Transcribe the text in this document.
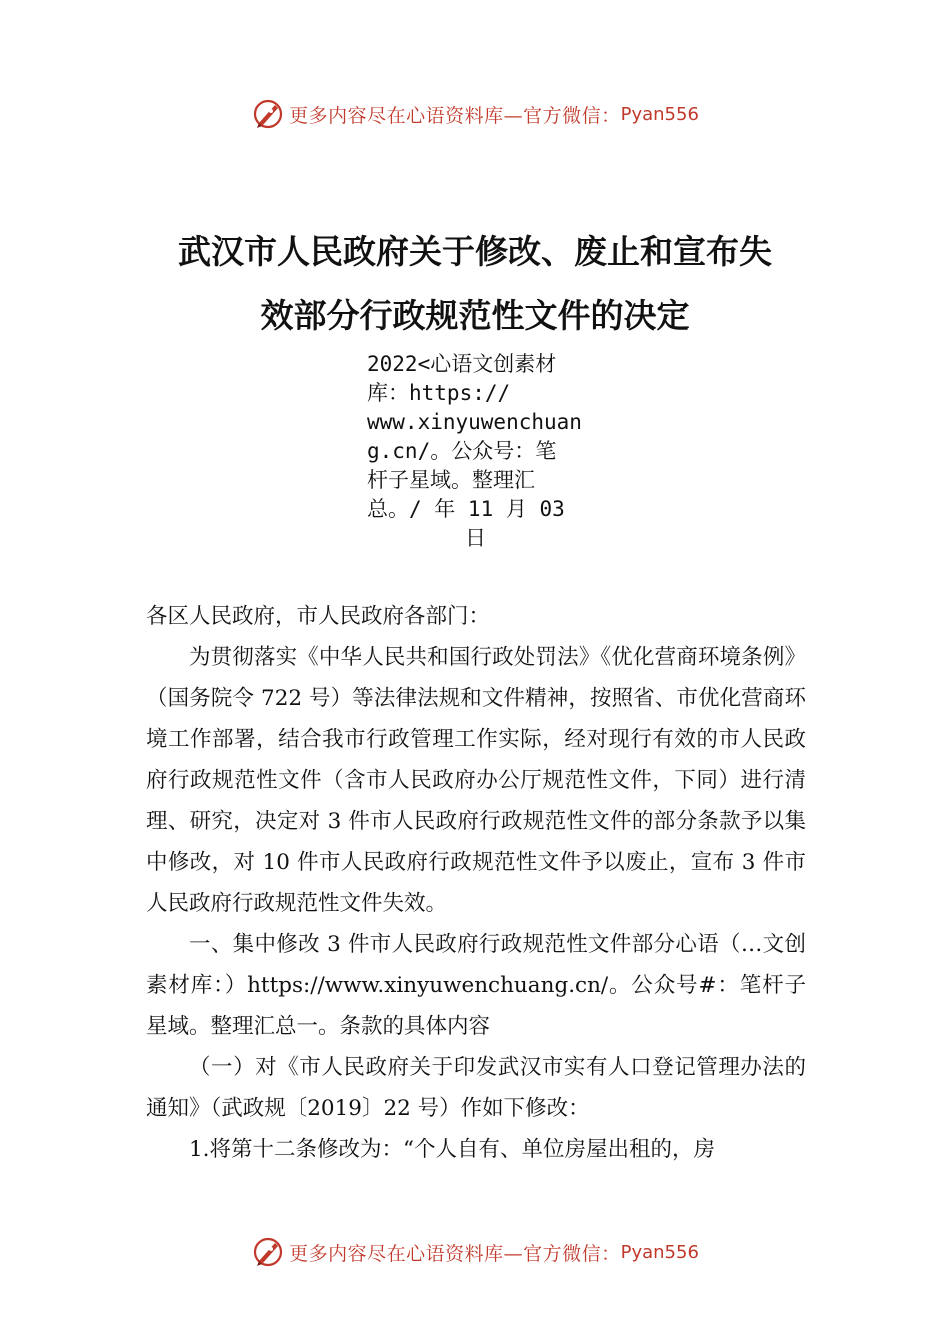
更多内容尽在心语资料库—官方微信： Pyan556
武汉市人民政府关于修改、废止和宣布失
效部分行政规范性文件的决定
2022<心语文创素材
库：https://
www.xinyuwenchuan
g.cn/。公众号：笔
杆子星域。整理汇
总。/ 年 11 月 03
日

各区人民政府，市人民政府各部门：

为贯彻落实《中华人民共和国行政处罚法》《优化营商环境条例》（国务院令 722 号）等法律法规和文件精神，按照省、市优化营商环境工作部署，结合我市行政管理工作实际，经对现行有效的市人民政府行政规范性文件（含市人民政府办公厅规范性文件，下同）进行清理、研究，决定对 3 件市人民政府行政规范性文件的部分条款予以集中修改，对 10 件市人民政府行政规范性文件予以废止，宣布 3 件市人民政府行政规范性文件失效。

一、集中修改 3 件市人民政府行政规范性文件部分心语（…文创素材库：）https://www.xinyuwenchuang.cn/。公众号#：笔杆子星域。整理汇总一。条款的具体内容

（一）对《市人民政府关于印发武汉市实有人口登记管理办法的通知》（武政规〔2019〕22 号）作如下修改：

1.将第十二条修改为：“个人自有、单位房屋出租的，房

更多内容尽在心语资料库—官方微信： Pyan556
